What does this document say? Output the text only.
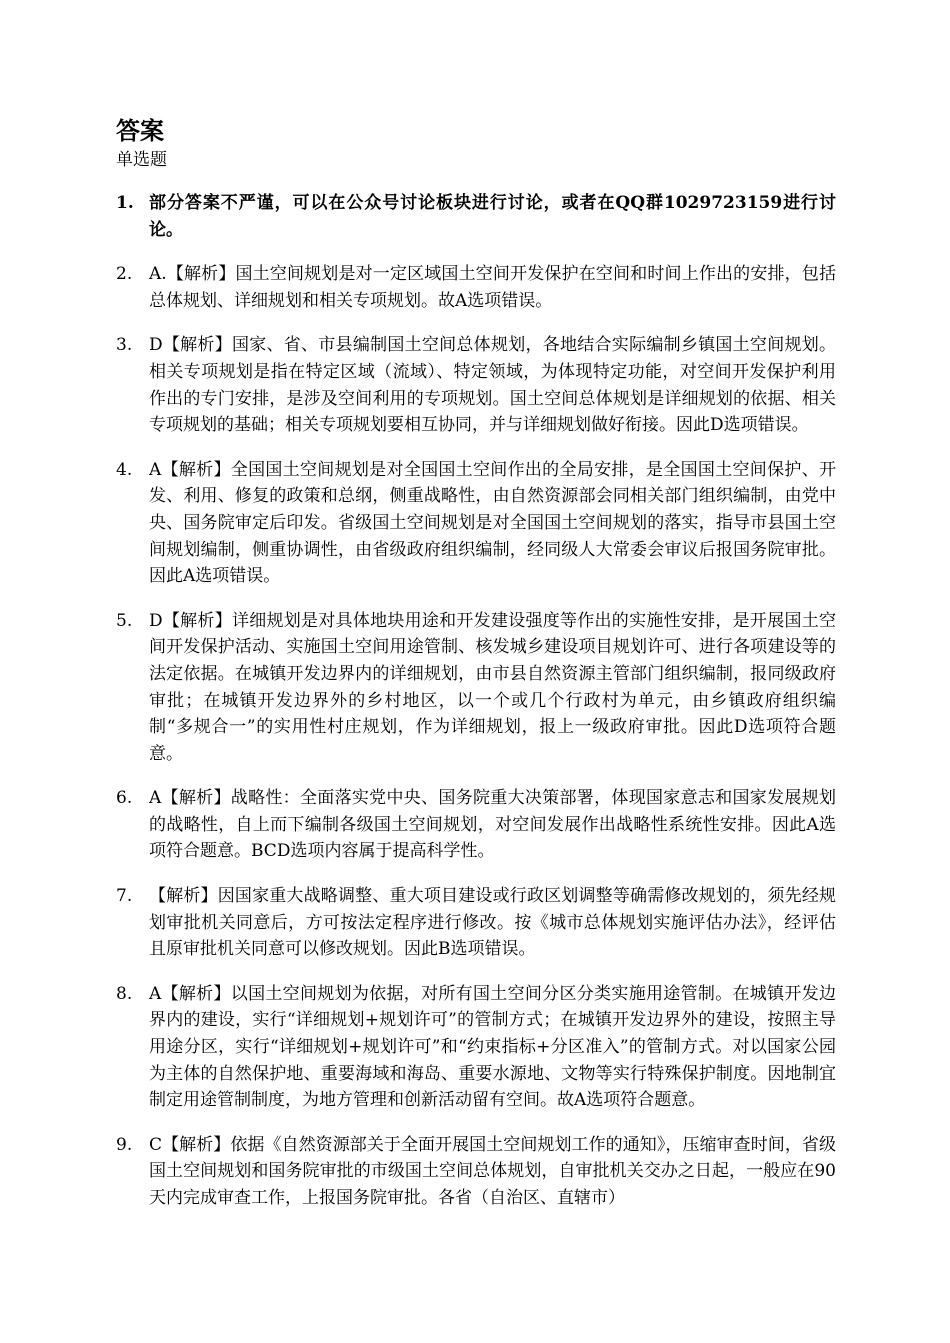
答案
单选题
1. 部分答案不严谨，可以在公众号讨论板块进行讨论，或者在QQ群1029723159进行讨论。
2. A.【解析】国土空间规划是对一定区域国土空间开发保护在空间和时间上作出的安排，包括总体规划、详细规划和相关专项规划。故A选项错误。
3. D【解析】国家、省、市县编制国土空间总体规划，各地结合实际编制乡镇国土空间规划。相关专项规划是指在特定区域（流域）、特定领域，为体现特定功能，对空间开发保护利用作出的专门安排，是涉及空间利用的专项规划。国土空间总体规划是详细规划的依据、相关专项规划的基础；相关专项规划要相互协同，并与详细规划做好衔接。因此D选项错误。
4. A【解析】全国国土空间规划是对全国国土空间作出的全局安排，是全国国土空间保护、开发、利用、修复的政策和总纲，侧重战略性，由自然资源部会同相关部门组织编制，由党中央、国务院审定后印发。省级国土空间规划是对全国国土空间规划的落实，指导市县国土空间规划编制，侧重协调性，由省级政府组织编制，经同级人大常委会审议后报国务院审批。因此A选项错误。
5. D【解析】详细规划是对具体地块用途和开发建设强度等作出的实施性安排，是开展国土空间开发保护活动、实施国土空间用途管制、核发城乡建设项目规划许可、进行各项建设等的法定依据。在城镇开发边界内的详细规划，由市县自然资源主管部门组织编制，报同级政府审批；在城镇开发边界外的乡村地区，以一个或几个行政村为单元，由乡镇政府组织编制“多规合一”的实用性村庄规划，作为详细规划，报上一级政府审批。因此D选项符合题意。
6. A【解析】战略性：全面落实党中央、国务院重大决策部署，体现国家意志和国家发展规划的战略性，自上而下编制各级国土空间规划，对空间发展作出战略性系统性安排。因此A选项符合题意。BCD选项内容属于提高科学性。
7. 【解析】因国家重大战略调整、重大项目建设或行政区划调整等确需修改规划的，须先经规划审批机关同意后，方可按法定程序进行修改。按《城市总体规划实施评估办法》，经评估且原审批机关同意可以修改规划。因此B选项错误。
8. A【解析】以国土空间规划为依据，对所有国土空间分区分类实施用途管制。在城镇开发边界内的建设，实行“详细规划+规划许可”的管制方式；在城镇开发边界外的建设，按照主导用途分区，实行“详细规划+规划许可”和“约束指标+分区准入”的管制方式。对以国家公园为主体的自然保护地、重要海域和海岛、重要水源地、文物等实行特殊保护制度。因地制宜制定用途管制制度，为地方管理和创新活动留有空间。故A选项符合题意。
9. C【解析】依据《自然资源部关于全面开展国土空间规划工作的通知》，压缩审查时间，省级国土空间规划和国务院审批的市级国土空间总体规划，自审批机关交办之日起，一般应在90天内完成审查工作，上报国务院审批。各省（自治区、直辖市）
